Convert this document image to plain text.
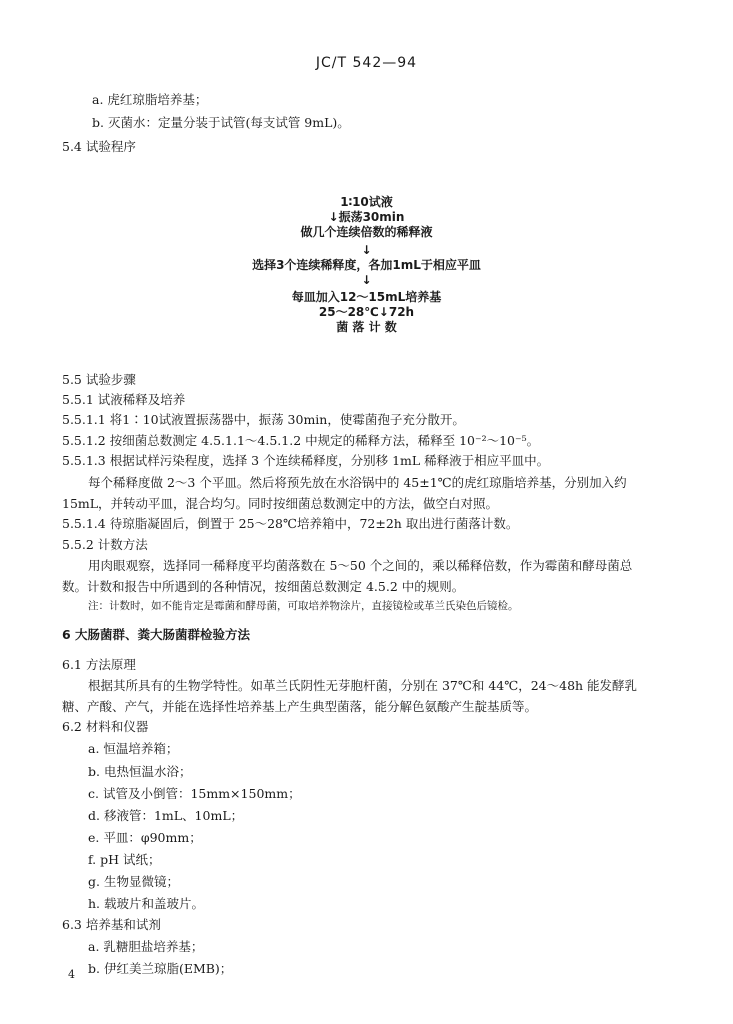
JC/T 542—94
a. 虎红琼脂培养基；
b. 灭菌水：定量分装于试管(每支试管 9mL)。
5.4 试验程序
1∶10试液
↓振荡30min
做几个连续倍数的稀释液
↓
选择3个连续稀释度，各加1mL于相应平皿
↓
每皿加入12～15mL培养基
25～28℃↓72h
菌 落 计 数
5.5 试验步骤
5.5.1 试液稀释及培养
5.5.1.1 将1∶10试液置振荡器中，振荡 30min，使霉菌孢子充分散开。
5.5.1.2 按细菌总数测定 4.5.1.1～4.5.1.2 中规定的稀释方法，稀释至 10⁻²～10⁻⁵。
5.5.1.3 根据试样污染程度，选择 3 个连续稀释度，分别移 1mL 稀释液于相应平皿中。
每个稀释度做 2～3 个平皿。然后将预先放在水浴锅中的 45±1℃的虎红琼脂培养基，分别加入约
15mL，并转动平皿，混合均匀。同时按细菌总数测定中的方法，做空白对照。
5.5.1.4 待琼脂凝固后，倒置于 25～28℃培养箱中，72±2h 取出进行菌落计数。
5.5.2 计数方法
用肉眼观察，选择同一稀释度平均菌落数在 5～50 个之间的，乘以稀释倍数，作为霉菌和酵母菌总
数。计数和报告中所遇到的各种情况，按细菌总数测定 4.5.2 中的规则。
注：计数时，如不能肯定是霉菌和酵母菌，可取培养物涂片，直接镜检或革兰氏染色后镜检。
6 大肠菌群、粪大肠菌群检验方法
6.1 方法原理
根据其所具有的生物学特性。如革兰氏阴性无芽胞杆菌，分别在 37℃和 44℃，24～48h 能发酵乳
糖、产酸、产气，并能在选择性培养基上产生典型菌落，能分解色氨酸产生靛基质等。
6.2 材料和仪器
a. 恒温培养箱；
b. 电热恒温水浴；
c. 试管及小倒管：15mm×150mm；
d. 移液管：1mL、10mL；
e. 平皿：φ90mm；
f. pH 试纸；
g. 生物显微镜；
h. 载玻片和盖玻片。
6.3 培养基和试剂
a. 乳糖胆盐培养基；
b. 伊红美兰琼脂(EMB)；
4
